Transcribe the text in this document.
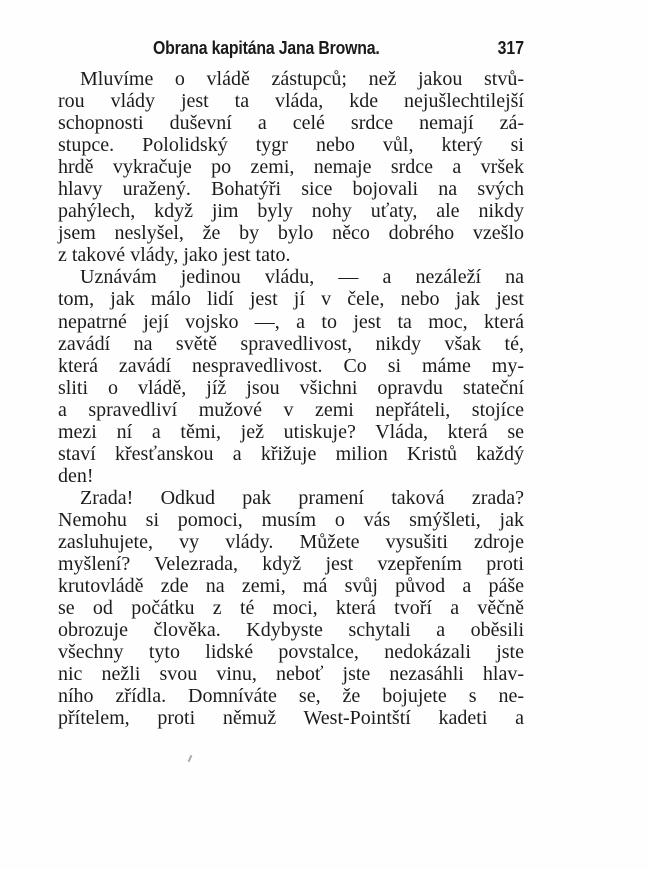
Obrana kapitána Jana Browna.	317
Mluvíme o vládě zástupců; než jakou stvů-
rou vlády jest ta vláda, kde nejušlechtilejší
schopnosti duševní a celé srdce nemají zá-
stupce. Pololidský tygr nebo vůl, který si
hrdě vykračuje po zemi, nemaje srdce a vršek
hlavy uražený. Bohatýři sice bojovali na svých
pahýlech, když jim byly nohy uťaty, ale nikdy
jsem neslyšel, že by bylo něco dobrého vzešlo
z takové vlády, jako jest tato.
Uznávám jedinou vládu, — a nezáleží na
tom, jak málo lidí jest jí v čele, nebo jak jest
nepatrné její vojsko —, a to jest ta moc, která
zavádí na světě spravedlivost, nikdy však té,
která zavádí nespravedlivost. Co si máme my-
sliti o vládě, jíž jsou všichni opravdu stateční
a spravedliví mužové v zemi nepřáteli, stojíce
mezi ní a těmi, jež utiskuje? Vláda, která se
staví křesťanskou a křižuje milion Kristů každý
den!
Zrada! Odkud pak pramení taková zrada?
Nemohu si pomoci, musím o vás smýšleti, jak
zasluhujete, vy vlády. Můžete vysušiti zdroje
myšlení? Velezrada, když jest vzepřením proti
krutovládě zde na zemi, má svůj původ a páše
se od počátku z té moci, která tvoří a věčně
obrozuje člověka. Kdybyste schytali a oběsili
všechny tyto lidské povstalce, nedokázali jste
nic nežli svou vinu, neboť jste nezasáhli hlav-
ního zřídla. Domníváte se, že bojujete s ne-
přítelem, proti němuž West-Pointští kadeti a
